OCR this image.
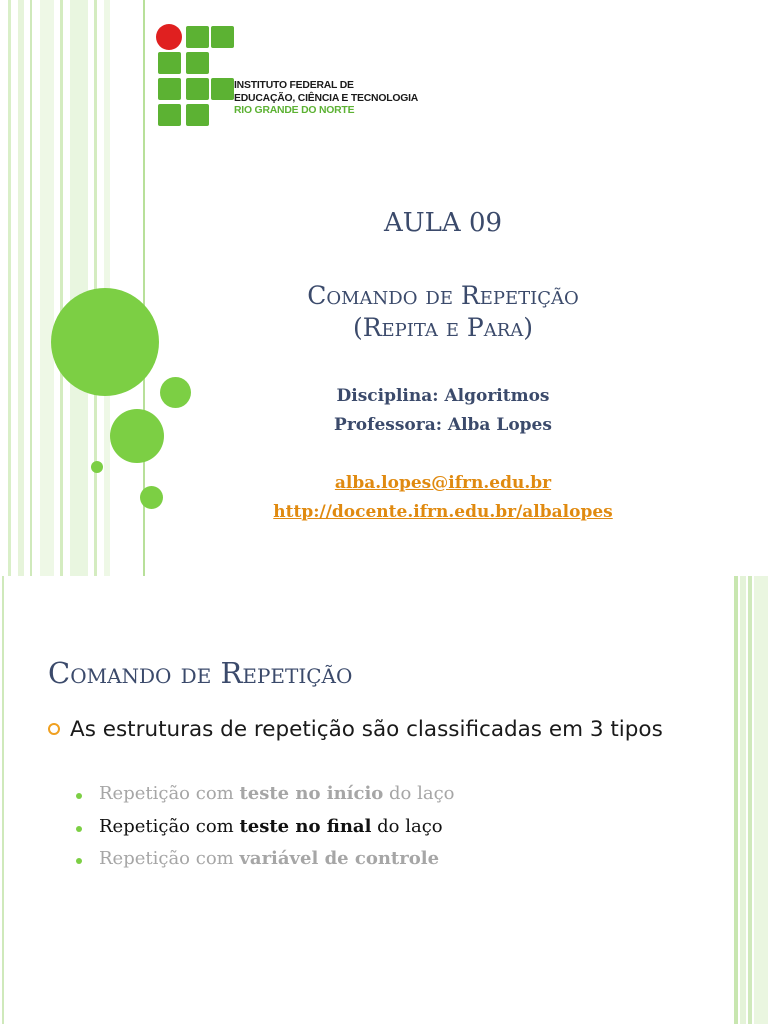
INSTITUTO FEDERAL DE
EDUCAÇÃO, CIÊNCIA E TECNOLOGIA
RIO GRANDE DO NORTE
AULA 09
Comando de Repetição
(Repita e Para)
Disciplina: Algoritmos
Professora: Alba Lopes
alba.lopes@ifrn.edu.br
http://docente.ifrn.edu.br/albalopes
Comando de Repetição
As estruturas de repetição são classificadas em 3 tipos
Repetição com teste no início do laço
Repetição com teste no final do laço
Repetição com variável de controle
